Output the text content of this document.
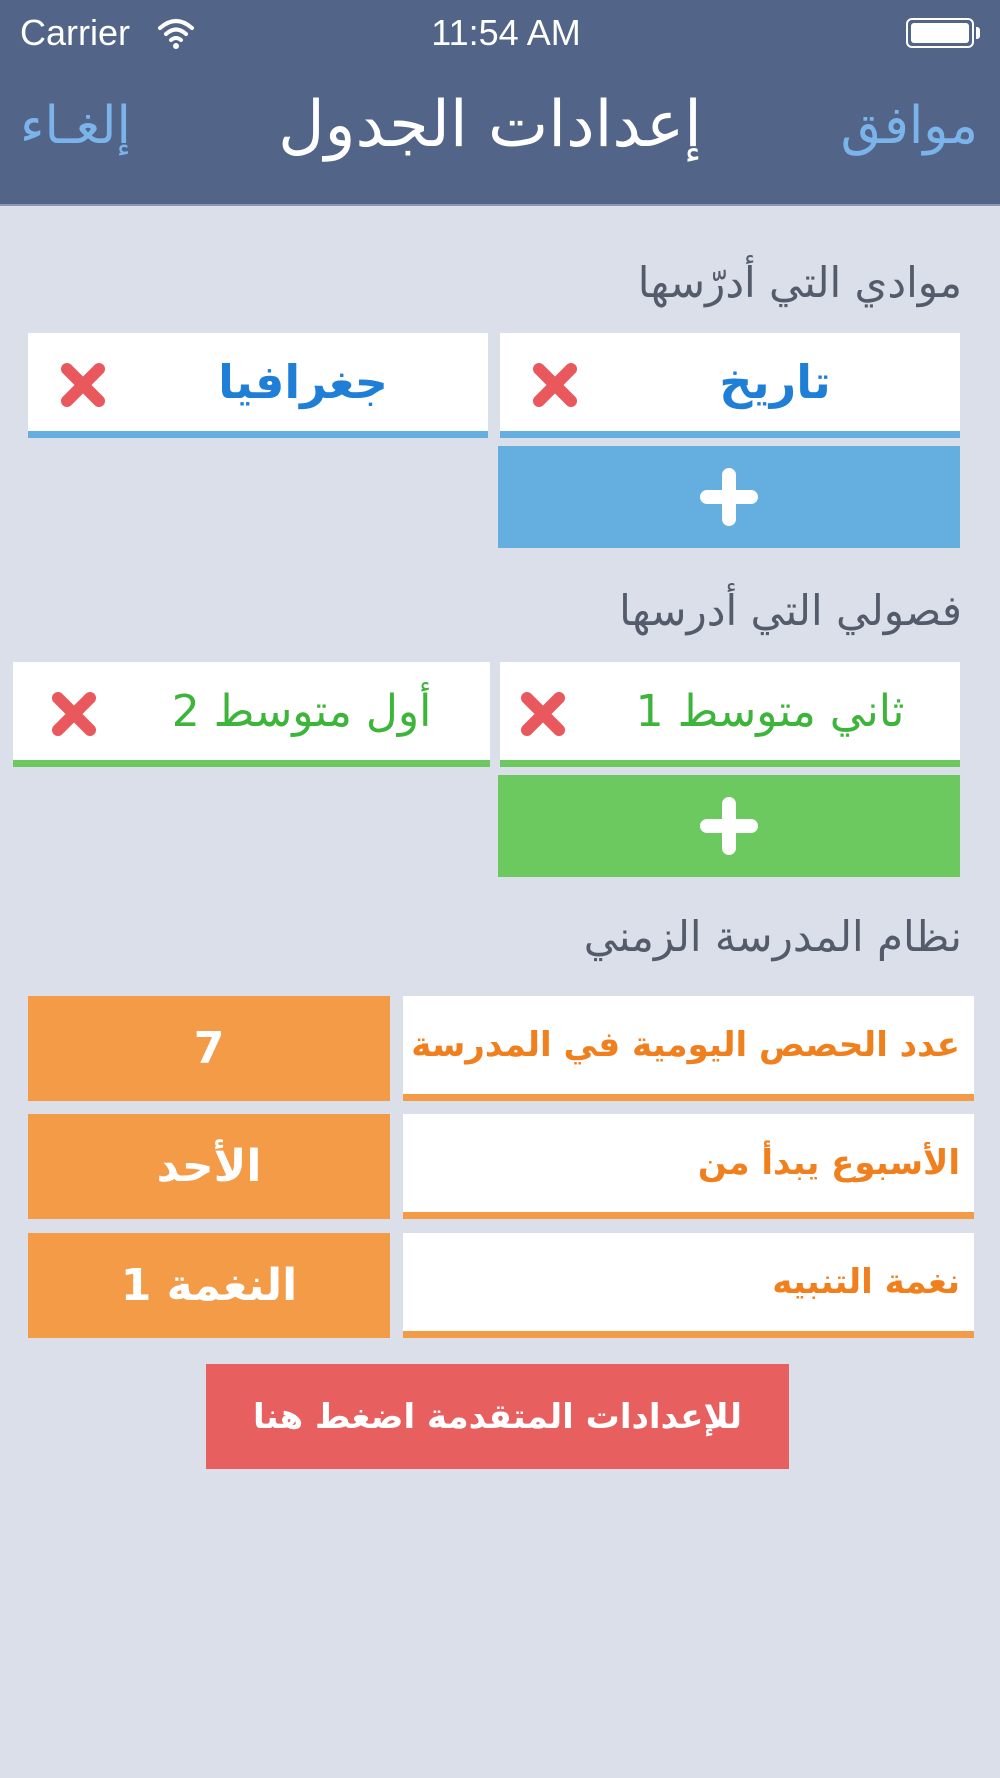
Carrier	11:54 AM
إلغـاء	إعدادات الجدول	موافق
موادي التي أدرّسها
تاريخ
جغرافيا
فصولي التي أدرسها
ثاني متوسط 1
أول متوسط 2
نظام المدرسة الزمني
عدد الحصص اليومية في المدرسة
7
الأسبوع يبدأ من
الأحد
نغمة التنبيه
النغمة 1
للإعدادات المتقدمة اضغط هنا
